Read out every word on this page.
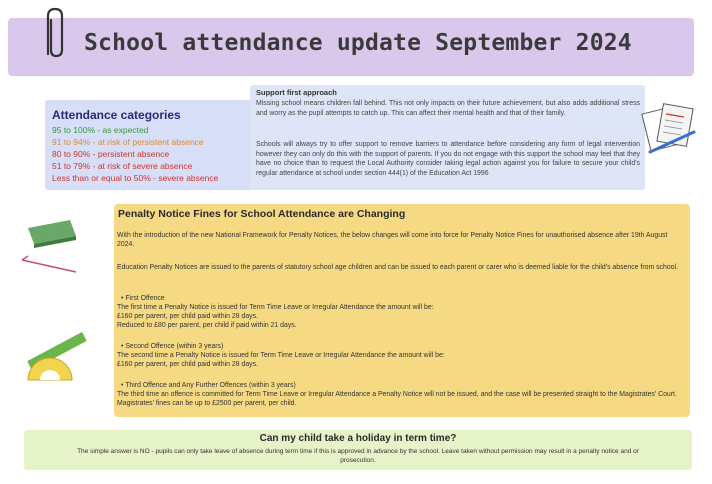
School attendance update September 2024
Attendance categories
95 to 100% - as expected
91 to 94% - at risk of persistent absence
80 to 90% - persistent absence
51 to 79% - at risk of severe absence
Less than or equal to 50% - severe absence
Support first approach
Missing school means children fall behind. This not only impacts on their future achievement, but also adds additional stress and worry as the pupil attempts to catch up. This can affect their mental health and that of their family.
Schools will always try to offer support to remove barriers to attendance before considering any form of legal intervention however they can only do this with the support of parents. If you do not engage with this support the school may feel that they have no choice than to request the Local Authority consider taking legal action against you for failure to secure your child's regular attendance at school under section 444(1) of the Education Act 1996
Penalty Notice Fines for School Attendance are Changing
With the introduction of the new National Framework for Penalty Notices, the below changes will come into force for Penalty Notice Fines for unauthorised absence after 19th August 2024.
Education Penalty Notices are issued to the parents of statutory school age children and can be issued to each parent or carer who is deemed liable for the child's absence from school.
• First Offence
The first time a Penalty Notice is issued for Term Time Leave or Irregular Attendance the amount will be:
£160 per parent, per child paid within 28 days.
Reduced to £80 per parent, per child if paid within 21 days.
• Second Offence (within 3 years)
The second time a Penalty Notice is issued for Term Time Leave or Irregular Attendance the amount will be:
£160 per parent, per child paid within 28 days.
• Third Offence and Any Further Offences (within 3 years)
The third time an offence is committed for Term Time Leave or Irregular Attendance a Penalty Notice will not be issued, and the case will be presented straight to the Magistrates' Court. Magistrates' fines can be up to £2500 per parent, per child.
Can my child take a holiday in term time?
The simple answer is NO - pupils can only take leave of absence during term time if this is approved in advance by the school. Leave taken without permission may result in a penalty notice and or prosecution.
